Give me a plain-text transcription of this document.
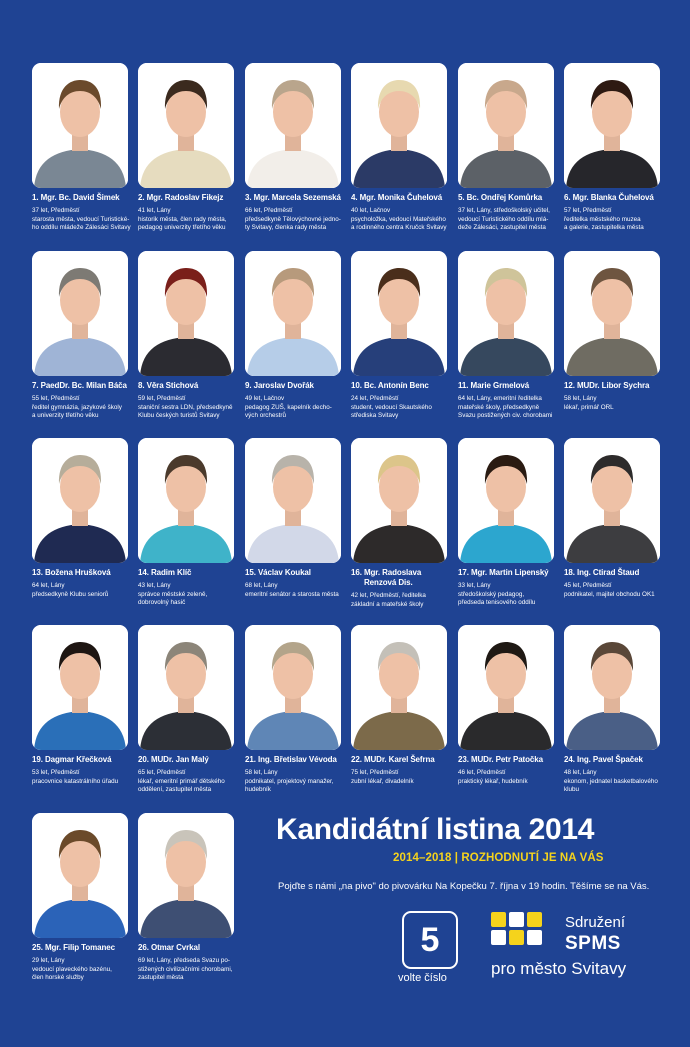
1. Mgr. Bc. David Šimek
37 let, Předměstí
starosta města, vedoucí Turistické-
ho oddílu mládeže Zálesáci Svitavy
2. Mgr. Radoslav Fikejz
41 let, Lány
historik města, člen rady města,
pedagog univerzity třetího věku
3. Mgr. Marcela Sezemská
66 let, Předměstí
předsedkyně Tělovýchovné jedno-
ty Svitavy, členka rady města
4. Mgr. Monika Čuhelová
40 let, Lačnov
psycholožka, vedoucí Mateřského
a rodinného centra Kručck Svitavy
5. Bc. Ondřej Komůrka
37 let, Lány, středoškolský učitel,
vedoucí Turistického oddílu mlá-
deže Zálesáci, zastupitel města
6. Mgr. Blanka Čuhelová
57 let, Předměstí
ředitelka městského muzea
a galerie, zastupitelka města
7. PaedDr. Bc. Milan Báča
55 let, Předměstí
ředitel gymnázia, jazykové školy
a univerzity třetího věku
8. Věra Stichová
59 let, Předměstí
staniční sestra LDN, předsedkyně
Klubu českých turistů Svitavy
9. Jaroslav Dvořák
49 let, Lačnov
pedagog ZUŠ, kapelník decho-
vých orchestrů
10. Bc. Antonín Benc
24 let, Předměstí
student, vedoucí Skautského
střediska Svitavy
11. Marie Grmelová
64 let, Lány, emeritní ředitelka
mateřské školy, předsedkyně
Svazu postižených civ. chorobami
12. MUDr. Libor Sychra
58 let, Lány
lékař, primář ORL
13. Božena Hrušková
64 let, Lány
předsedkyně Klubu seniorů
14. Radim Klíč
43 let, Lány
správce městské zeleně,
dobrovolný hasič
15. Václav Koukal
68 let, Lány
emeritní senátor a starosta města
16. Mgr. Radoslava
Renzová Dis.
42 let, Předměstí, ředitelka
základní a mateřské školy
17. Mgr. Martin Lipenský
33 let, Lány
středoškolský pedagog,
předseda tenisového oddílu
18. Ing. Ctirad Štaud
45 let, Předměstí
podnikatel, majitel obchodu OK1
19. Dagmar Křečková
53 let, Předměstí
pracovnice katastrálního úřadu
20. MUDr. Jan Malý
65 let, Předměstí
lékař, emeritní primář dětského
oddělení, zastupitel města
21. Ing. Břetislav Vévoda
58 let, Lány
podnikatel, projektový manažer,
hudebník
22. MUDr. Karel Šefrna
75 let, Předměstí
zubní lékař, divadelník
23. MUDr. Petr Patočka
46 let, Předměstí
praktický lékař, hudebník
24. Ing. Pavel Špaček
48 let, Lány
ekonom, jednatel basketbalového
klubu
25. Mgr. Filip Tomanec
29 let, Lány
vedoucí plaveckého bazénu,
člen horské služby
26. Otmar Cvrkal
69 let, Lány, předseda Svazu po-
stižených civilizačními chorobami,
zastupitel města
Kandidátní listina 2014
2014–2018 | ROZHODNUTÍ JE NA VÁS
Pojďte s námi „na pivo" do pivovárku Na Kopečku 7. října v 19 hodin. Těšíme se na Vás.
5
volte číslo
Sdružení
SPMS
pro město Svitavy
